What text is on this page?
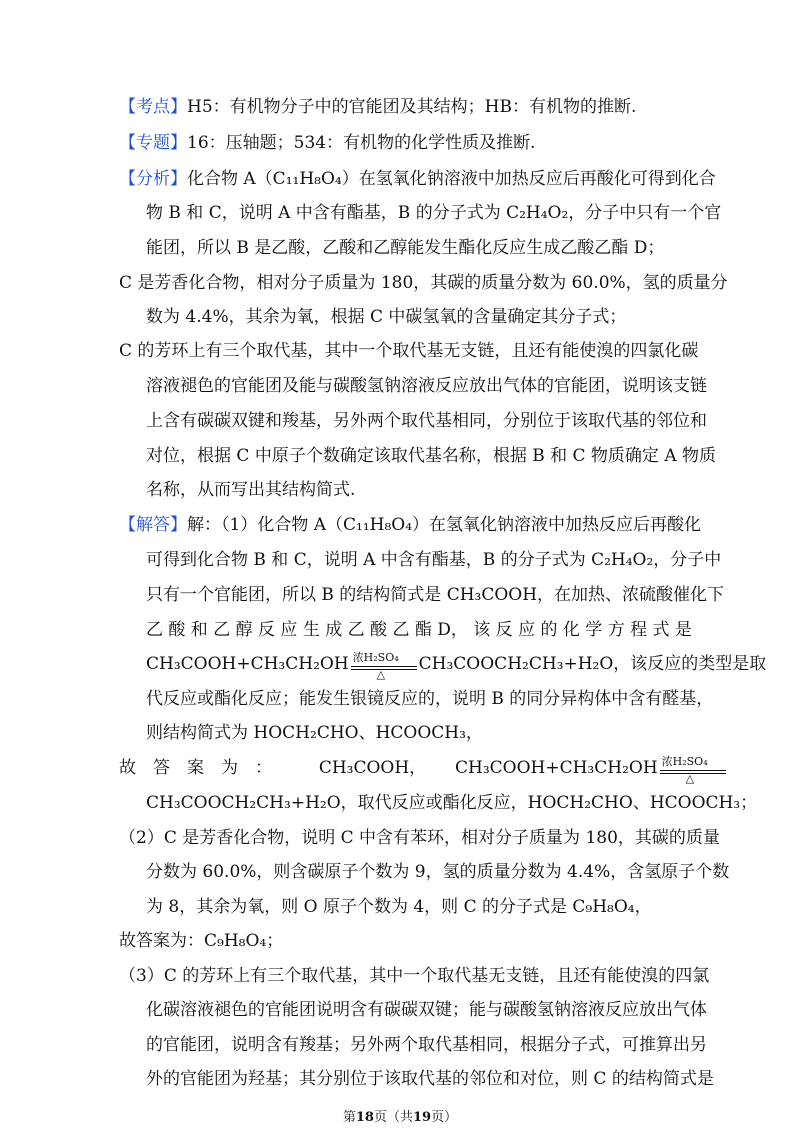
【考点】H5：有机物分子中的官能团及其结构；HB：有机物的推断.
【专题】16：压轴题；534：有机物的化学性质及推断.
【分析】化合物 A（C₁₁H₈O₄）在氢氧化钠溶液中加热反应后再酸化可得到化合
物 B 和 C，说明 A 中含有酯基，B 的分子式为 C₂H₄O₂，分子中只有一个官
能团，所以 B 是乙酸，乙酸和乙醇能发生酯化反应生成乙酸乙酯 D；
C 是芳香化合物，相对分子质量为 180，其碳的质量分数为 60.0%，氢的质量分
数为 4.4%，其余为氧，根据 C 中碳氢氧的含量确定其分子式；
C 的芳环上有三个取代基，其中一个取代基无支链，且还有能使溴的四氯化碳
溶液褪色的官能团及能与碳酸氢钠溶液反应放出气体的官能团，说明该支链
上含有碳碳双键和羧基，另外两个取代基相同，分别位于该取代基的邻位和
对位，根据 C 中原子个数确定该取代基名称，根据 B 和 C 物质确定 A 物质
名称，从而写出其结构简式.
【解答】解：（1）化合物 A（C₁₁H₈O₄）在氢氧化钠溶液中加热反应后再酸化
可得到化合物 B 和 C，说明 A 中含有酯基，B 的分子式为 C₂H₄O₂，分子中
只有一个官能团，所以 B 的结构简式是 CH₃COOH，在加热、浓硫酸催化下
乙 酸 和 乙 醇 反 应 生 成 乙 酸 乙 酯 D， 该 反 应 的 化 学 方 程 式 是
CH₃COOH+CH₃CH₂OH 浓H₂SO₄
△
CH₃COOCH₂CH₃+H₂O，该反应的类型是取
代反应或酯化反应；能发生银镜反应的，说明 B 的同分异构体中含有醛基，
则结构简式为 HOCH₂CHO、HCOOCH₃，
故　答　案　为　：	CH₃COOH， CH₃COOH+CH₃CH₂OH 浓H₂SO₄
△
CH₃COOCH₂CH₃+H₂O，取代反应或酯化反应，HOCH₂CHO、HCOOCH₃；
（2）C 是芳香化合物，说明 C 中含有苯环，相对分子质量为 180，其碳的质量
分数为 60.0%，则含碳原子个数为 9，氢的质量分数为 4.4%，含氢原子个数
为 8，其余为氧，则 O 原子个数为 4，则 C 的分子式是 C₉H₈O₄，
故答案为：C₉H₈O₄；
（3）C 的芳环上有三个取代基，其中一个取代基无支链，且还有能使溴的四氯
化碳溶液褪色的官能团说明含有碳碳双键；能与碳酸氢钠溶液反应放出气体
的官能团，说明含有羧基；另外两个取代基相同，根据分子式，可推算出另
外的官能团为羟基；其分别位于该取代基的邻位和对位，则 C 的结构简式是
第18页（共19页）
